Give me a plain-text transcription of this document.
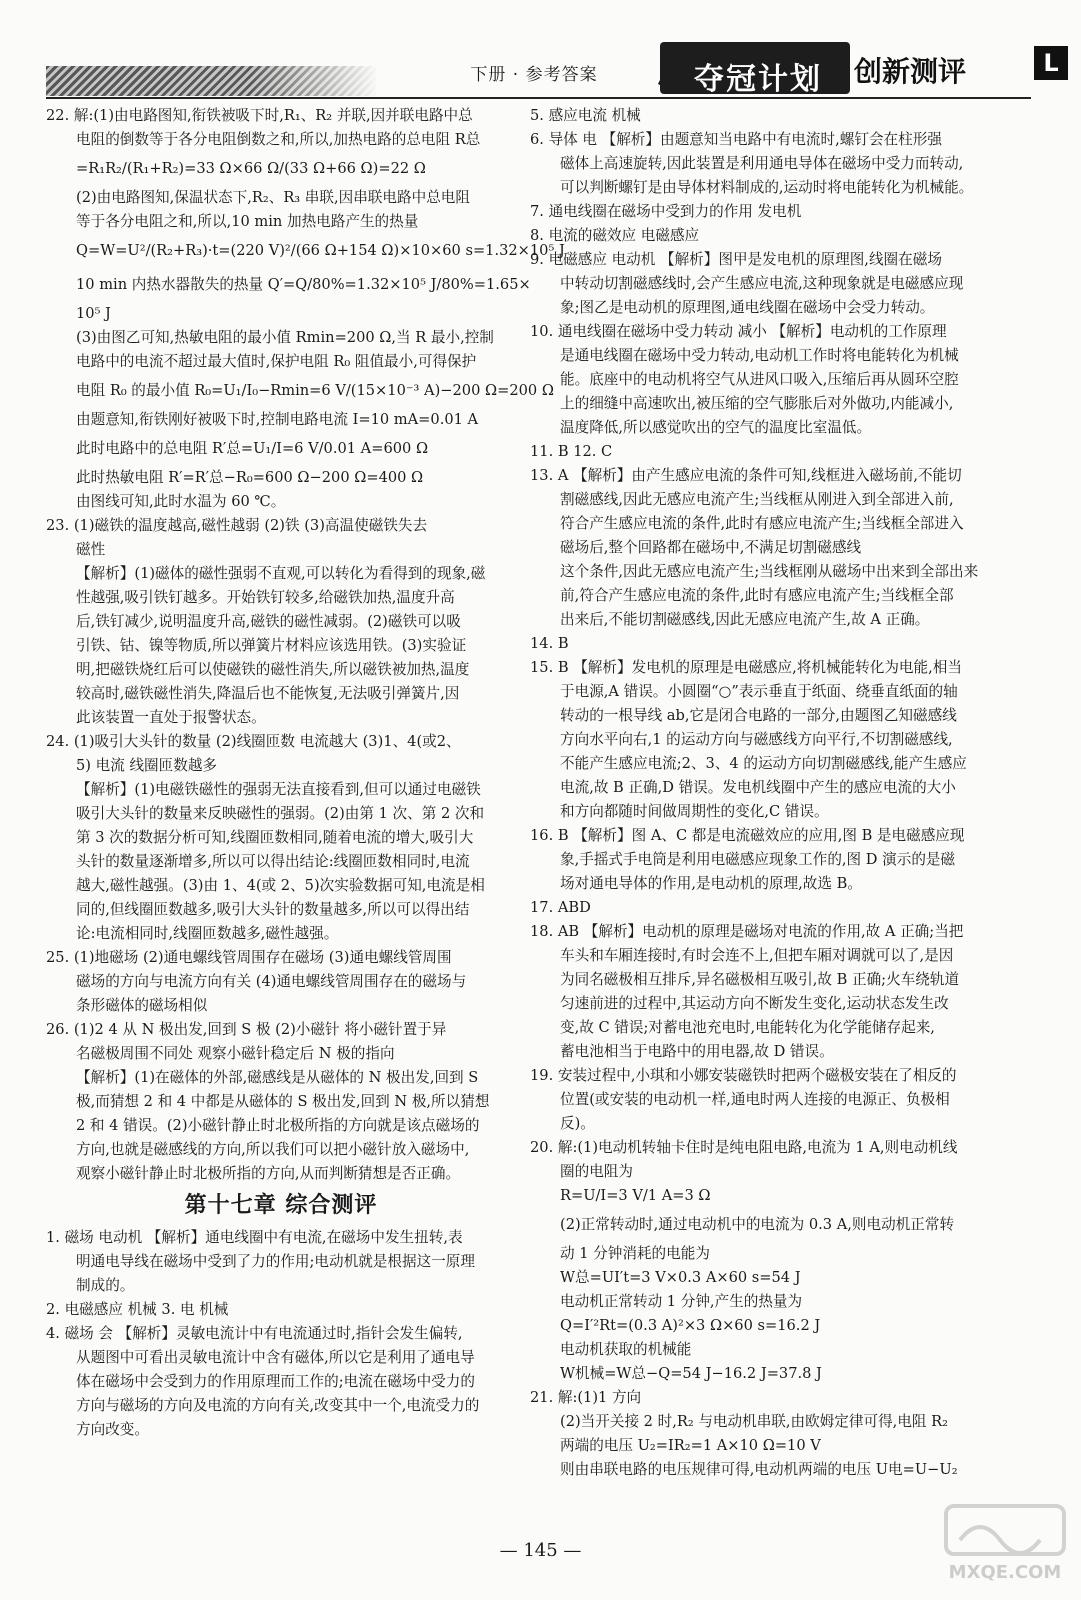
下册 · 参考答案	夺冠计划 创新测评	L
22. 解:(1)由电路图知,衔铁被吸下时,R₁、R₂ 并联,因并联电路中总
电阻的倒数等于各分电阻倒数之和,所以,加热电路的总电阻 R总
=R₁R₂/(R₁+R₂)=33 Ω×66 Ω/(33 Ω+66 Ω)=22 Ω
(2)由电路图知,保温状态下,R₂、R₃ 串联,因串联电路中总电阻
等于各分电阻之和,所以,10 min 加热电路产生的热量
Q=W=U²/(R₂+R₃)·t=(220 V)²/(66 Ω+154 Ω)×10×60 s=1.32×10⁵ J
10 min 内热水器散失的热量 Q′=Q/80%=1.32×10⁵ J/80%=1.65×
10⁵ J
(3)由图乙可知,热敏电阻的最小值 Rmin=200 Ω,当 R 最小,控制
电路中的电流不超过最大值时,保护电阻 R₀ 阻值最小,可得保护
电阻 R₀ 的最小值 R₀=U₁/I₀−Rmin=6 V/(15×10⁻³ A)−200 Ω=200 Ω
由题意知,衔铁刚好被吸下时,控制电路电流 I=10 mA=0.01 A
此时电路中的总电阻 R′总=U₁/I=6 V/0.01 A=600 Ω
此时热敏电阻 R′=R′总−R₀=600 Ω−200 Ω=400 Ω
由图线可知,此时水温为 60 ℃。
23. (1)磁铁的温度越高,磁性越弱 (2)铁 (3)高温使磁铁失去
磁性
【解析】(1)磁体的磁性强弱不直观,可以转化为看得到的现象,磁
性越强,吸引铁钉越多。开始铁钉较多,给磁铁加热,温度升高
后,铁钉减少,说明温度升高,磁铁的磁性减弱。(2)磁铁可以吸
引铁、钴、镍等物质,所以弹簧片材料应该选用铁。(3)实验证
明,把磁铁烧红后可以使磁铁的磁性消失,所以磁铁被加热,温度
较高时,磁铁磁性消失,降温后也不能恢复,无法吸引弹簧片,因
此该装置一直处于报警状态。
24. (1)吸引大头针的数量 (2)线圈匝数 电流越大 (3)1、4(或2、
5) 电流 线圈匝数越多
【解析】(1)电磁铁磁性的强弱无法直接看到,但可以通过电磁铁
吸引大头针的数量来反映磁性的强弱。(2)由第 1 次、第 2 次和
第 3 次的数据分析可知,线圈匝数相同,随着电流的增大,吸引大
头针的数量逐渐增多,所以可以得出结论:线圈匝数相同时,电流
越大,磁性越强。(3)由 1、4(或 2、5)次实验数据可知,电流是相
同的,但线圈匝数越多,吸引大头针的数量越多,所以可以得出结
论:电流相同时,线圈匝数越多,磁性越强。
25. (1)地磁场 (2)通电螺线管周围存在磁场 (3)通电螺线管周围
磁场的方向与电流方向有关 (4)通电螺线管周围存在的磁场与
条形磁体的磁场相似
26. (1)2 4 从 N 极出发,回到 S 极 (2)小磁针 将小磁针置于异
名磁极周围不同处 观察小磁针稳定后 N 极的指向
【解析】(1)在磁体的外部,磁感线是从磁体的 N 极出发,回到 S
极,而猜想 2 和 4 中都是从磁体的 S 极出发,回到 N 极,所以猜想
2 和 4 错误。(2)小磁针静止时北极所指的方向就是该点磁场的
方向,也就是磁感线的方向,所以我们可以把小磁针放入磁场中,
观察小磁针静止时北极所指的方向,从而判断猜想是否正确。
第十七章 综合测评
1. 磁场 电动机 【解析】通电线圈中有电流,在磁场中发生扭转,表
明通电导线在磁场中受到了力的作用;电动机就是根据这一原理
制成的。
2. 电磁感应 机械 3. 电 机械
4. 磁场 会 【解析】灵敏电流计中有电流通过时,指针会发生偏转,
从题图中可看出灵敏电流计中含有磁体,所以它是利用了通电导
体在磁场中会受到力的作用原理而工作的;电流在磁场中受力的
方向与磁场的方向及电流的方向有关,改变其中一个,电流受力的
方向改变。
5. 感应电流 机械
6. 导体 电 【解析】由题意知当电路中有电流时,螺钉会在柱形强
磁体上高速旋转,因此装置是利用通电导体在磁场中受力而转动,
可以判断螺钉是由导体材料制成的,运动时将电能转化为机械能。
7. 通电线圈在磁场中受到力的作用 发电机
8. 电流的磁效应 电磁感应
9. 电磁感应 电动机 【解析】图甲是发电机的原理图,线圈在磁场
中转动切割磁感线时,会产生感应电流,这种现象就是电磁感应现
象;图乙是电动机的原理图,通电线圈在磁场中会受力转动。
10. 通电线圈在磁场中受力转动 减小 【解析】电动机的工作原理
是通电线圈在磁场中受力转动,电动机工作时将电能转化为机械
能。底座中的电动机将空气从进风口吸入,压缩后再从圆环空腔
上的细缝中高速吹出,被压缩的空气膨胀后对外做功,内能减小,
温度降低,所以感觉吹出的空气的温度比室温低。
11. B 12. C
13. A 【解析】由产生感应电流的条件可知,线框进入磁场前,不能切
割磁感线,因此无感应电流产生;当线框从刚进入到全部进入前,
符合产生感应电流的条件,此时有感应电流产生;当线框全部进入
磁场后,整个回路都在磁场中,不满足切割磁感线
这个条件,因此无感应电流产生;当线框刚从磁场中出来到全部出来
前,符合产生感应电流的条件,此时有感应电流产生;当线框全部
出来后,不能切割磁感线,因此无感应电流产生,故 A 正确。
14. B
15. B 【解析】发电机的原理是电磁感应,将机械能转化为电能,相当
于电源,A 错误。小圆圈“○”表示垂直于纸面、绕垂直纸面的轴
转动的一根导线 ab,它是闭合电路的一部分,由题图乙知磁感线
方向水平向右,1 的运动方向与磁感线方向平行,不切割磁感线,
不能产生感应电流;2、3、4 的运动方向切割磁感线,能产生感应
电流,故 B 正确,D 错误。发电机线圈中产生的感应电流的大小
和方向都随时间做周期性的变化,C 错误。
16. B 【解析】图 A、C 都是电流磁效应的应用,图 B 是电磁感应现
象,手摇式手电筒是利用电磁感应现象工作的,图 D 演示的是磁
场对通电导体的作用,是电动机的原理,故选 B。
17. ABD
18. AB 【解析】电动机的原理是磁场对电流的作用,故 A 正确;当把
车头和车厢连接时,有时会连不上,但把车厢对调就可以了,是因
为同名磁极相互排斥,异名磁极相互吸引,故 B 正确;火车绕轨道
匀速前进的过程中,其运动方向不断发生变化,运动状态发生改
变,故 C 错误;对蓄电池充电时,电能转化为化学能储存起来,
蓄电池相当于电路中的用电器,故 D 错误。
19. 安装过程中,小琪和小娜安装磁铁时把两个磁极安装在了相反的
位置(或安装的电动机一样,通电时两人连接的电源正、负极相
反)。
20. 解:(1)电动机转轴卡住时是纯电阻电路,电流为 1 A,则电动机线
圈的电阻为
R=U/I=3 V/1 A=3 Ω
(2)正常转动时,通过电动机中的电流为 0.3 A,则电动机正常转
动 1 分钟消耗的电能为
W总=UI′t=3 V×0.3 A×60 s=54 J
电动机正常转动 1 分钟,产生的热量为
Q=I′²Rt=(0.3 A)²×3 Ω×60 s=16.2 J
电动机获取的机械能
W机械=W总−Q=54 J−16.2 J=37.8 J
21. 解:(1)1 方向
(2)当开关接 2 时,R₂ 与电动机串联,由欧姆定律可得,电阻 R₂
两端的电压 U₂=IR₂=1 A×10 Ω=10 V
则由串联电路的电压规律可得,电动机两端的电压 U电=U−U₂
— 145 —
MXQE.COM
